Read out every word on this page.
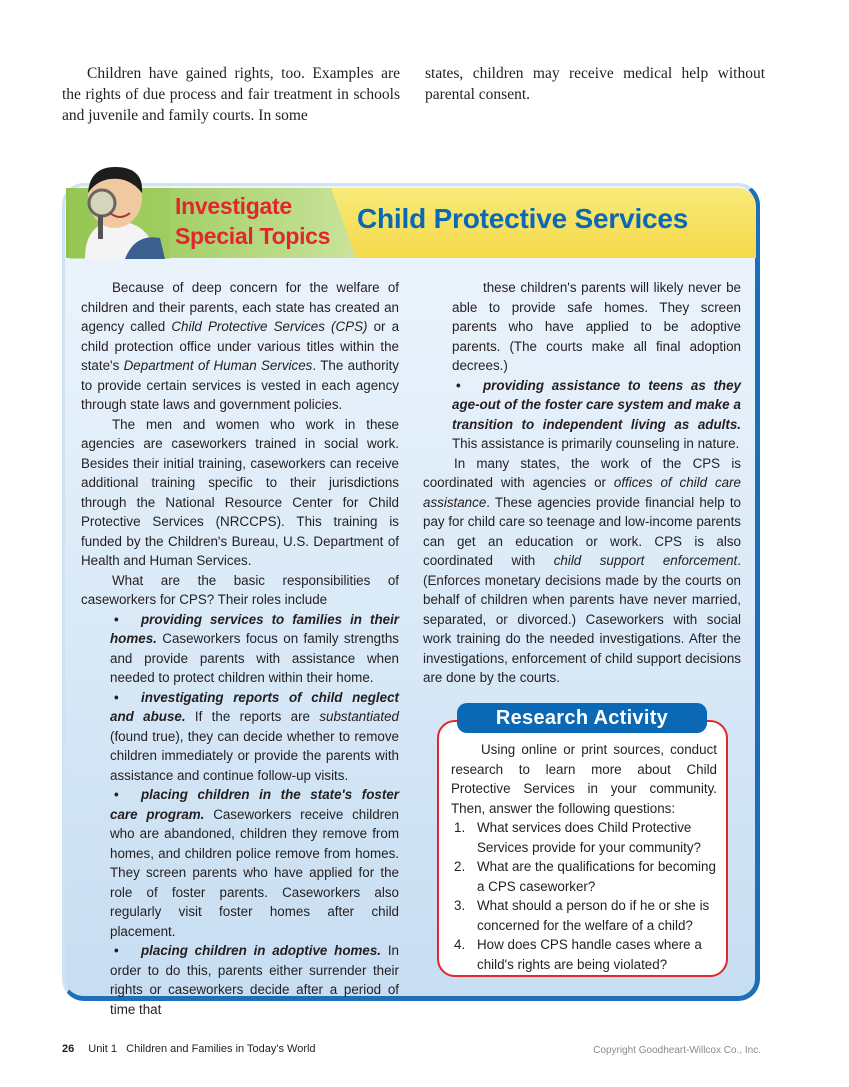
Children have gained rights, too. Examples are the rights of due process and fair treatment in schools and juvenile and family courts. In some

states, children may receive medical help without parental consent.

Investigate
Special Topics
Child Protective Services

Because of deep concern for the welfare of children and their parents, each state has created an agency called Child Protective Services (CPS) or a child protection office under various titles within the state's Department of Human Services. The authority to provide certain services is vested in each agency through state laws and government policies.

The men and women who work in these agencies are caseworkers trained in social work. Besides their initial training, caseworkers can receive additional training specific to their jurisdictions through the National Resource Center for Child Protective Services (NRCCPS). This training is funded by the Children's Bureau, U.S. Department of Health and Human Services.

What are the basic responsibilities of caseworkers for CPS? Their roles include

• providing services to families in their homes. Caseworkers focus on family strengths and provide parents with assistance when needed to protect children within their home.

• investigating reports of child neglect and abuse. If the reports are substantiated (found true), they can decide whether to remove children immediately or provide the parents with assistance and continue follow-up visits.

• placing children in the state's foster care program. Caseworkers receive children who are abandoned, children they remove from homes, and children police remove from homes. They screen parents who have applied for the role of foster parents. Caseworkers also regularly visit foster homes after child placement.

• placing children in adoptive homes. In order to do this, parents either surrender their rights or caseworkers decide after a period of time that

these children's parents will likely never be able to provide safe homes. They screen parents who have applied to be adoptive parents. (The courts make all final adoption decrees.)

• providing assistance to teens as they age-out of the foster care system and make a transition to independent living as adults. This assistance is primarily counseling in nature.

In many states, the work of the CPS is coordinated with agencies or offices of child care assistance. These agencies provide financial help to pay for child care so teenage and low-income parents can get an education or work. CPS is also coordinated with child support enforcement. (Enforces monetary decisions made by the courts on behalf of children when parents have never married, separated, or divorced.) Caseworkers with social work training do the needed investigations. After the investigations, enforcement of child support decisions are done by the courts.

Research Activity

Using online or print sources, conduct research to learn more about Child Protective Services in your community. Then, answer the following questions:

1. What services does Child Protective Services provide for your community?
2. What are the qualifications for becoming a CPS caseworker?
3. What should a person do if he or she is concerned for the welfare of a child?
4. How does CPS handle cases where a child's rights are being violated?
26 Unit 1   Children and Families in Today's World	Copyright Goodheart-Willcox Co., Inc.
